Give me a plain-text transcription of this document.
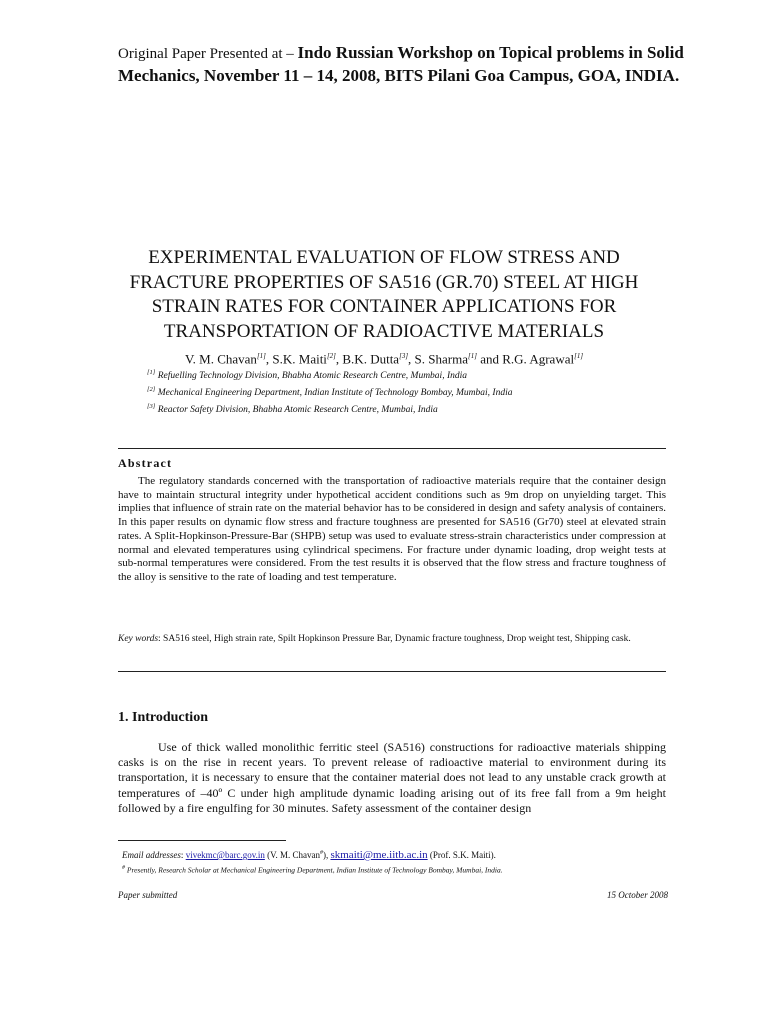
Original Paper Presented at – Indo Russian Workshop on Topical problems in Solid
Mechanics, November 11 – 14, 2008, BITS Pilani Goa Campus, GOA, INDIA.
EXPERIMENTAL EVALUATION OF FLOW STRESS AND
FRACTURE PROPERTIES OF SA516 (GR.70) STEEL AT HIGH
STRAIN RATES FOR CONTAINER APPLICATIONS FOR
TRANSPORTATION OF RADIOACTIVE MATERIALS
V. M. Chavan[1], S.K. Maiti[2], B.K. Dutta[3], S. Sharma[1] and R.G. Agrawal[1]
[1] Refuelling Technology Division, Bhabha Atomic Research Centre, Mumbai, India
[2] Mechanical Engineering Department, Indian Institute of Technology Bombay, Mumbai, India
[3] Reactor Safety Division, Bhabha Atomic Research Centre, Mumbai, India
Abstract
The regulatory standards concerned with the transportation of radioactive materials require that the container design have to maintain structural integrity under hypothetical accident conditions such as 9m drop on unyielding target. This implies that influence of strain rate on the material behavior has to be considered in design and safety analysis of containers. In this paper results on dynamic flow stress and fracture toughness are presented for SA516 (Gr70) steel at elevated strain rates. A Split-Hopkinson-Pressure-Bar (SHPB) setup was used to evaluate stress-strain characteristics under compression at normal and elevated temperatures using cylindrical specimens. For fracture under dynamic loading, drop weight tests at sub-normal temperatures were considered. From the test results it is observed that the flow stress and fracture toughness of the alloy is sensitive to the rate of loading and test temperature.
Key words: SA516 steel, High strain rate, Spilt Hopkinson Pressure Bar, Dynamic fracture toughness, Drop weight test, Shipping cask.
1. Introduction
Use of thick walled monolithic ferritic steel (SA516) constructions for radioactive materials shipping casks is on the rise in recent years. To prevent release of radioactive material to environment during its transportation, it is necessary to ensure that the container material does not lead to any unstable crack growth at temperatures of –40º C under high amplitude dynamic loading arising out of its free fall from a 9m height followed by a fire engulfing for 30 minutes. Safety assessment of the container design
Email addresses: vivekmc@barc.gov.in (V. M. Chavan#), skmaiti@me.iitb.ac.in (Prof. S.K. Maiti).
# Presently, Research Scholar at Mechanical Engineering Department, Indian Institute of Technology Bombay, Mumbai, India.
Paper submitted	15 October 2008
